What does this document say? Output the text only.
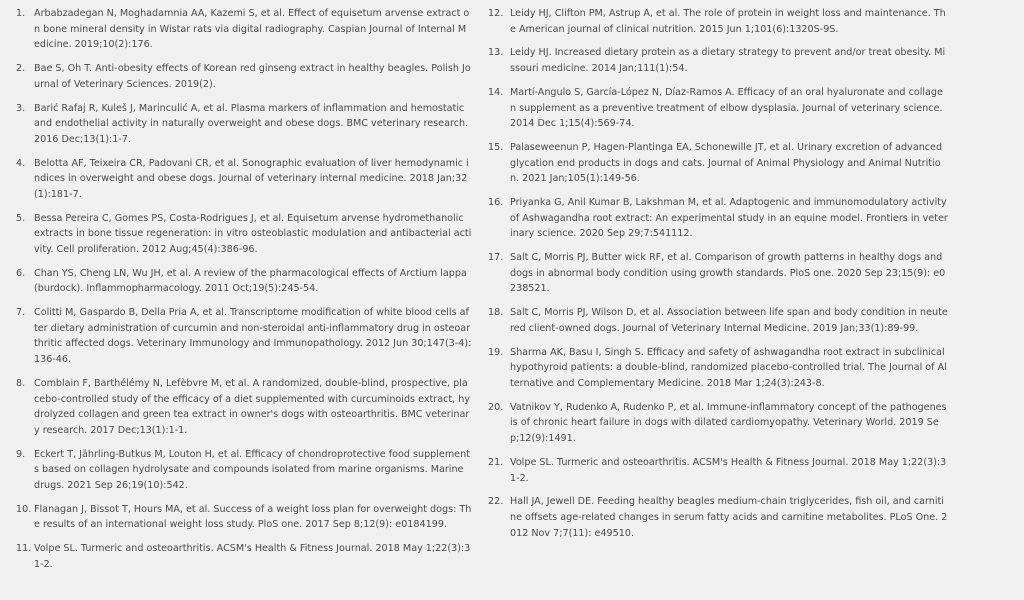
1. Arbabzadegan N, Moghadamnia AA, Kazemi S, et al. Effect of equisetum arvense extract on bone mineral density in Wistar rats via digital radiography. Caspian Journal of Internal Medicine. 2019;10(2):176.
2. Bae S, Oh T. Anti-obesity effects of Korean red ginseng extract in healthy beagles. Polish Journal of Veterinary Sciences. 2019(2).
3. Barić Rafaj R, Kuleš J, Marinculić A, et al. Plasma markers of inflammation and hemostatic and endothelial activity in naturally overweight and obese dogs. BMC veterinary research. 2016 Dec;13(1):1-7.
4. Belotta AF, Teixeira CR, Padovani CR, et al. Sonographic evaluation of liver hemodynamic indices in overweight and obese dogs. Journal of veterinary internal medicine. 2018 Jan;32(1):181-7.
5. Bessa Pereira C, Gomes PS, Costa-Rodrigues J, et al. Equisetum arvense hydromethanolic extracts in bone tissue regeneration: in vitro osteoblastic modulation and antibacterial activity. Cell proliferation. 2012 Aug;45(4):386-96.
6. Chan YS, Cheng LN, Wu JH, et al. A review of the pharmacological effects of Arctium lappa (burdock). Inflammopharmacology. 2011 Oct;19(5):245-54.
7. Colitti M, Gaspardo B, Della Pria A, et al. Transcriptome modification of white blood cells after dietary administration of curcumin and non-steroidal anti-inflammatory drug in osteoarthritic affected dogs. Veterinary Immunology and Immunopathology. 2012 Jun 30;147(3-4):136-46.
8. Comblain F, Barthélémy N, Lefèbvre M, et al. A randomized, double-blind, prospective, placebo-controlled study of the efficacy of a diet supplemented with curcuminoids extract, hydrolyzed collagen and green tea extract in owner's dogs with osteoarthritis. BMC veterinary research. 2017 Dec;13(1):1-1.
9. Eckert T, Jährling-Butkus M, Louton H, et al. Efficacy of chondroprotective food supplements based on collagen hydrolysate and compounds isolated from marine organisms. Marine drugs. 2021 Sep 26;19(10):542.
10. Flanagan J, Bissot T, Hours MA, et al. Success of a weight loss plan for overweight dogs: The results of an international weight loss study. PloS one. 2017 Sep 8;12(9): e0184199.
11. Volpe SL. Turmeric and osteoarthritis. ACSM's Health & Fitness Journal. 2018 May 1;22(3):31-2.
12. Leidy HJ, Clifton PM, Astrup A, et al. The role of protein in weight loss and maintenance. The American journal of clinical nutrition. 2015 Jun 1;101(6):1320S-9S.
13. Leidy HJ. Increased dietary protein as a dietary strategy to prevent and/or treat obesity. Missouri medicine. 2014 Jan;111(1):54.
14. Martí-Angulo S, García-López N, Díaz-Ramos A. Efficacy of an oral hyaluronate and collagen supplement as a preventive treatment of elbow dysplasia. Journal of veterinary science. 2014 Dec 1;15(4):569-74.
15. Palaseweenun P, Hagen-Plantinga EA, Schonewille JT, et al. Urinary excretion of advanced glycation end products in dogs and cats. Journal of Animal Physiology and Animal Nutrition. 2021 Jan;105(1):149-56.
16. Priyanka G, Anil Kumar B, Lakshman M, et al. Adaptogenic and immunomodulatory activity of Ashwagandha root extract: An experimental study in an equine model. Frontiers in veterinary science. 2020 Sep 29;7:541112.
17. Salt C, Morris PJ, Butter wick RF, et al. Comparison of growth patterns in healthy dogs and dogs in abnormal body condition using growth standards. PloS one. 2020 Sep 23;15(9): e0238521.
18. Salt C, Morris PJ, Wilson D, et al. Association between life span and body condition in neutered client-owned dogs. Journal of Veterinary Internal Medicine. 2019 Jan;33(1):89-99.
19. Sharma AK, Basu I, Singh S. Efficacy and safety of ashwagandha root extract in subclinical hypothyroid patients: a double-blind, randomized placebo-controlled trial. The Journal of Alternative and Complementary Medicine. 2018 Mar 1;24(3):243-8.
20. Vatnikov Y, Rudenko A, Rudenko P, et al. Immune-inflammatory concept of the pathogenesis of chronic heart failure in dogs with dilated cardiomyopathy. Veterinary World. 2019 Sep;12(9):1491.
21. Volpe SL. Turmeric and osteoarthritis. ACSM's Health & Fitness Journal. 2018 May 1;22(3):31-2.
22. Hall JA, Jewell DE. Feeding healthy beagles medium-chain triglycerides, fish oil, and carnitine offsets age-related changes in serum fatty acids and carnitine metabolites. PLoS One. 2012 Nov 7;7(11): e49510.
